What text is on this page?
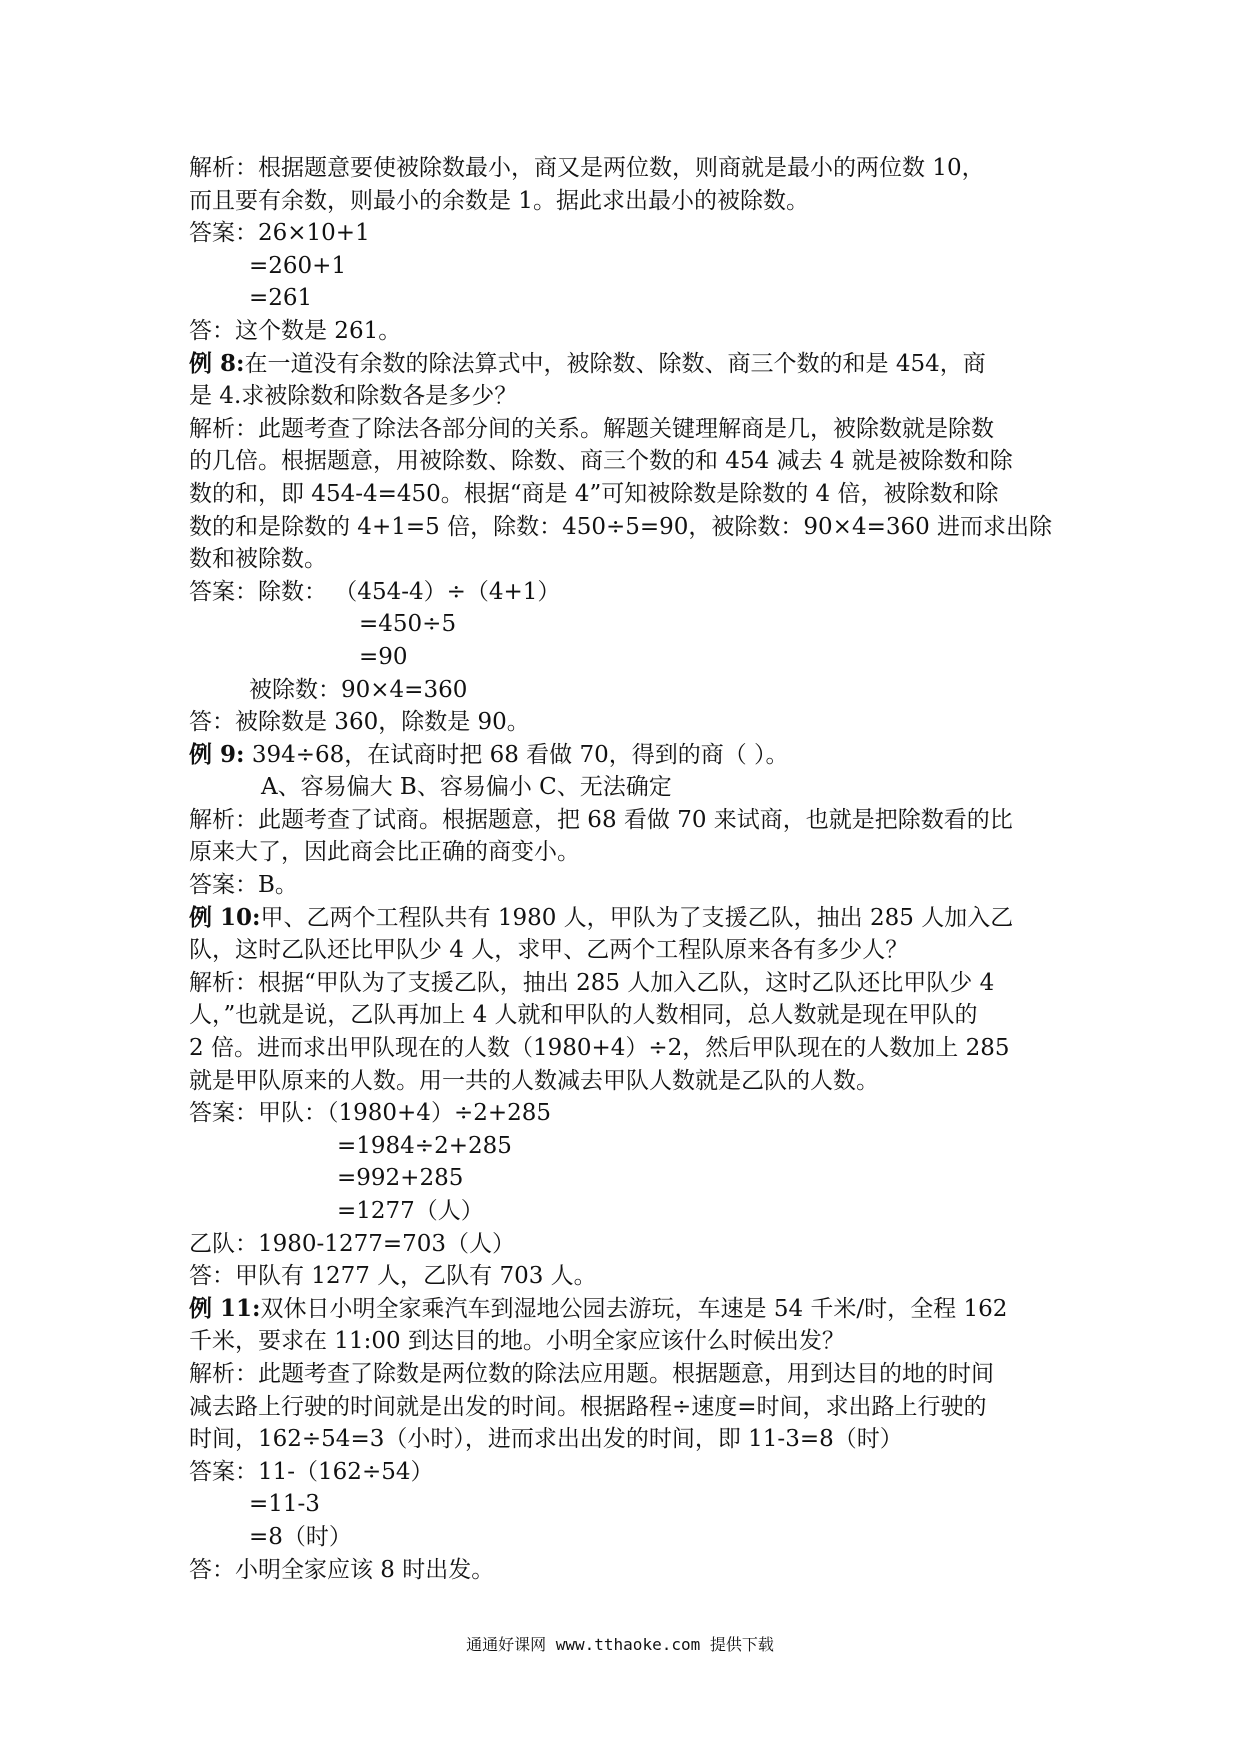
解析：根据题意要使被除数最小，商又是两位数，则商就是最小的两位数 10，
而且要有余数，则最小的余数是 1。据此求出最小的被除数。
答案：26×10+1
=260+1
=261
答：这个数是 261。
例 8:在一道没有余数的除法算式中，被除数、除数、商三个数的和是 454，商
是 4.求被除数和除数各是多少？
解析：此题考查了除法各部分间的关系。解题关键理解商是几，被除数就是除数
的几倍。根据题意，用被除数、除数、商三个数的和 454 减去 4 就是被除数和除
数的和，即 454-4=450。根据“商是 4”可知被除数是除数的 4 倍，被除数和除
数的和是除数的 4+1=5 倍，除数：450÷5=90，被除数：90×4=360 进而求出除
数和被除数。
答案：除数： （454-4）÷（4+1）
=450÷5
=90
被除数：90×4=360
答：被除数是 360，除数是 90。
例 9: 394÷68，在试商时把 68 看做 70，得到的商（ ）。
A、容易偏大 B、容易偏小 C、无法确定
解析：此题考查了试商。根据题意，把 68 看做 70 来试商，也就是把除数看的比
原来大了，因此商会比正确的商变小。
答案：B。
例 10:甲、乙两个工程队共有 1980 人，甲队为了支援乙队，抽出 285 人加入乙
队，这时乙队还比甲队少 4 人，求甲、乙两个工程队原来各有多少人？
解析：根据“甲队为了支援乙队，抽出 285 人加入乙队，这时乙队还比甲队少 4
人，”也就是说，乙队再加上 4 人就和甲队的人数相同，总人数就是现在甲队的
2 倍。进而求出甲队现在的人数（1980+4）÷2，然后甲队现在的人数加上 285
就是甲队原来的人数。用一共的人数减去甲队人数就是乙队的人数。
答案：甲队：（1980+4）÷2+285
=1984÷2+285
=992+285
=1277（人）
乙队：1980-1277=703（人）
答：甲队有 1277 人，乙队有 703 人。
例 11:双休日小明全家乘汽车到湿地公园去游玩，车速是 54 千米/时，全程 162
千米，要求在 11:00 到达目的地。小明全家应该什么时候出发？
解析：此题考查了除数是两位数的除法应用题。根据题意，用到达目的地的时间
减去路上行驶的时间就是出发的时间。根据路程÷速度=时间，求出路上行驶的
时间，162÷54=3（小时），进而求出出发的时间，即 11-3=8（时）
答案：11-（162÷54）
=11-3
=8（时）
答：小明全家应该 8 时出发。
通通好课网 www.tthaoke.com 提供下载
